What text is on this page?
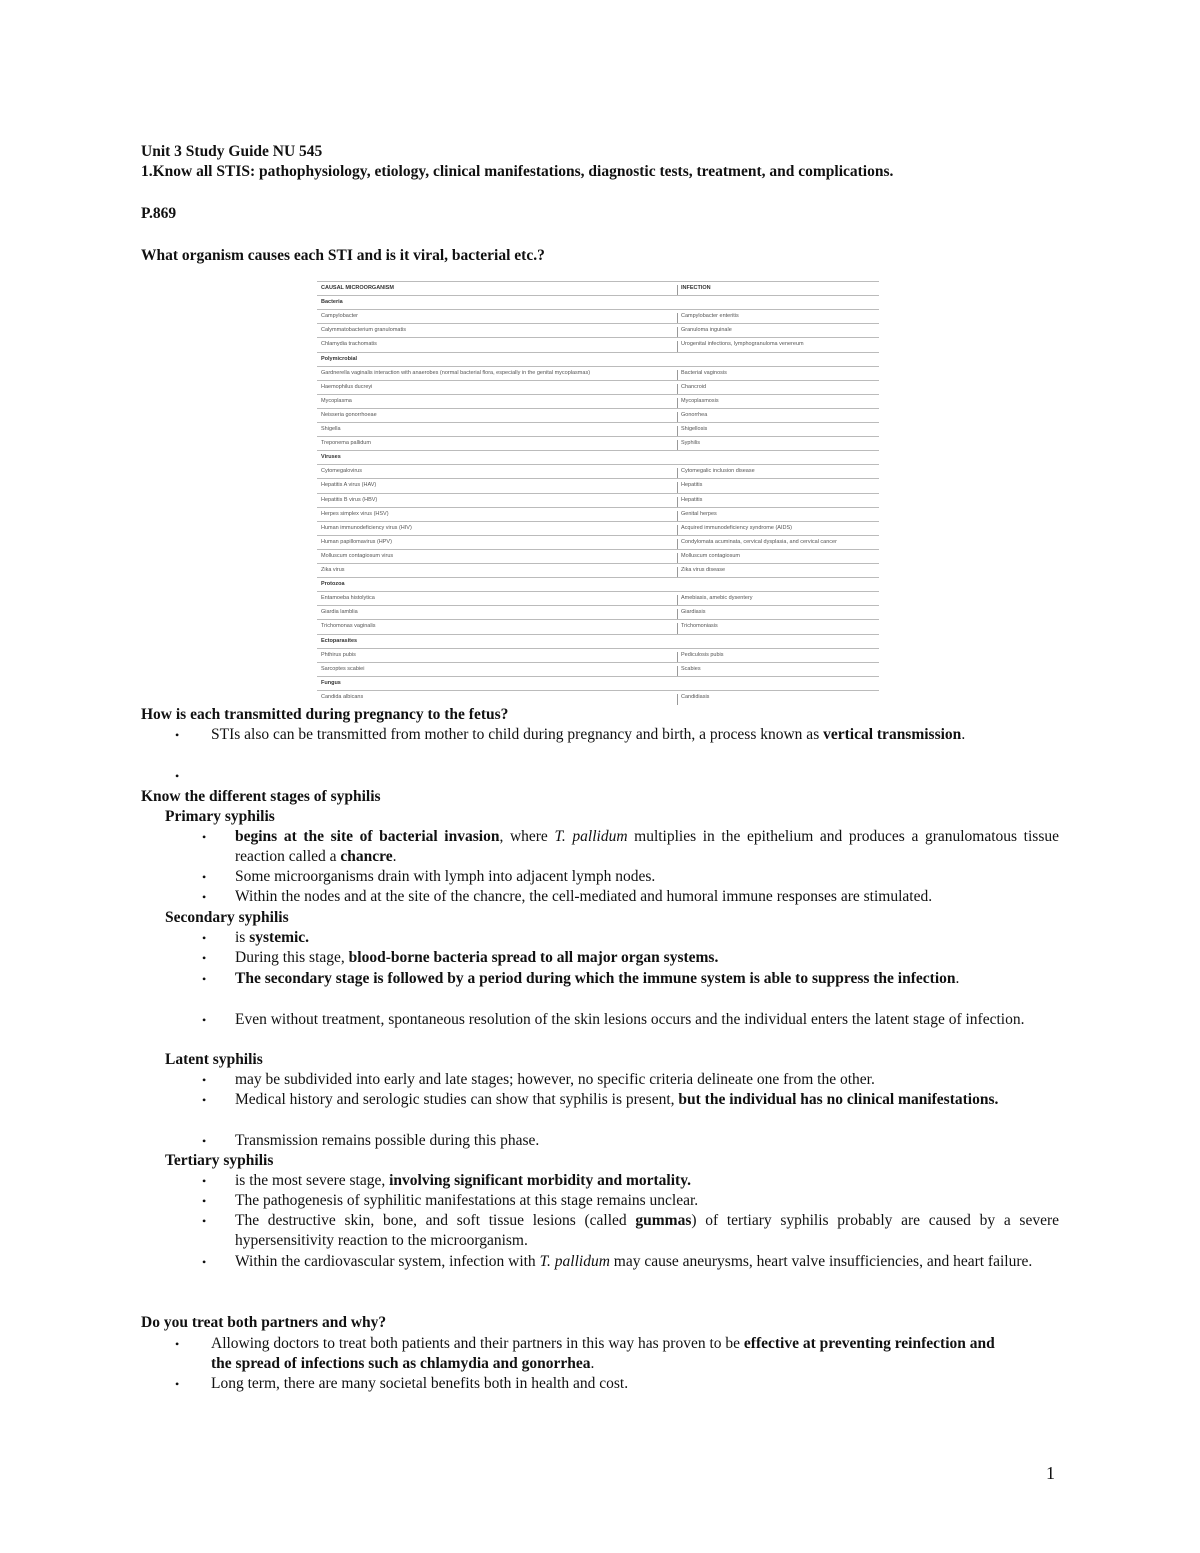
Unit 3 Study Guide NU 545
1.Know all STIS: pathophysiology, etiology, clinical manifestations, diagnostic tests, treatment, and complications.
P.869
What organism causes each STI and is it viral, bacterial etc.?
CAUSAL MICROORGANISM	INFECTION
Bacteria
Campylobacter	Campylobacter enteritis
Calymmatobacterium granulomatis	Granuloma inguinale
Chlamydia trachomatis	Urogenital infections, lymphogranuloma venereum
Polymicrobial
Gardnerella vaginalis interaction with anaerobes (normal bacterial flora, especially in the genital mycoplasmas)	Bacterial vaginosis
Haemophilus ducreyi	Chancroid
Mycoplasma	Mycoplasmosis
Neisseria gonorrhoeae	Gonorrhea
Shigella	Shigellosis
Treponema pallidum	Syphilis
Viruses
Cytomegalovirus	Cytomegalic inclusion disease
Hepatitis A virus (HAV)	Hepatitis
Hepatitis B virus (HBV)	Hepatitis
Herpes simplex virus (HSV)	Genital herpes
Human immunodeficiency virus (HIV)	Acquired immunodeficiency syndrome (AIDS)
Human papillomavirus (HPV)	Condylomata acuminata, cervical dysplasia, and cervical cancer
Molluscum contagiosum virus	Molluscum contagiosum
Zika virus	Zika virus disease
Protozoa
Entamoeba histolytica	Amebiasis, amebic dysentery
Giardia lamblia	Giardiasis
Trichomonas vaginalis	Trichomoniasis
Ectoparasites
Phthirus pubis	Pediculosis pubis
Sarcoptes scabiei	Scabies
Fungus
Candida albicans	Candidiasis
How is each transmitted during pregnancy to the fetus?
•	STIs also can be transmitted from mother to child during pregnancy and birth, a process known as vertical transmission.
•
Know the different stages of syphilis
Primary syphilis
•	begins at the site of bacterial invasion, where T. pallidum multiplies in the epithelium and produces a granulomatous tissue reaction called a chancre.
•	Some microorganisms drain with lymph into adjacent lymph nodes.
•	Within the nodes and at the site of the chancre, the cell-mediated and humoral immune responses are stimulated.
Secondary syphilis
•	is systemic.
•	During this stage, blood-borne bacteria spread to all major organ systems.
•	The secondary stage is followed by a period during which the immune system is able to suppress the infection.
•	Even without treatment, spontaneous resolution of the skin lesions occurs and the individual enters the latent stage of infection.
Latent syphilis
•	may be subdivided into early and late stages; however, no specific criteria delineate one from the other.
•	Medical history and serologic studies can show that syphilis is present, but the individual has no clinical manifestations.
•	Transmission remains possible during this phase.
Tertiary syphilis
•	is the most severe stage, involving significant morbidity and mortality.
•	The pathogenesis of syphilitic manifestations at this stage remains unclear.
•	The destructive skin, bone, and soft tissue lesions (called gummas) of tertiary syphilis probably are caused by a severe hypersensitivity reaction to the microorganism.
•	Within the cardiovascular system, infection with T. pallidum may cause aneurysms, heart valve insufficiencies, and heart failure.
Do you treat both partners and why?
•	Allowing doctors to treat both patients and their partners in this way has proven to be effective at preventing reinfection and the spread of infections such as chlamydia and gonorrhea.
•	Long term, there are many societal benefits both in health and cost.
1
